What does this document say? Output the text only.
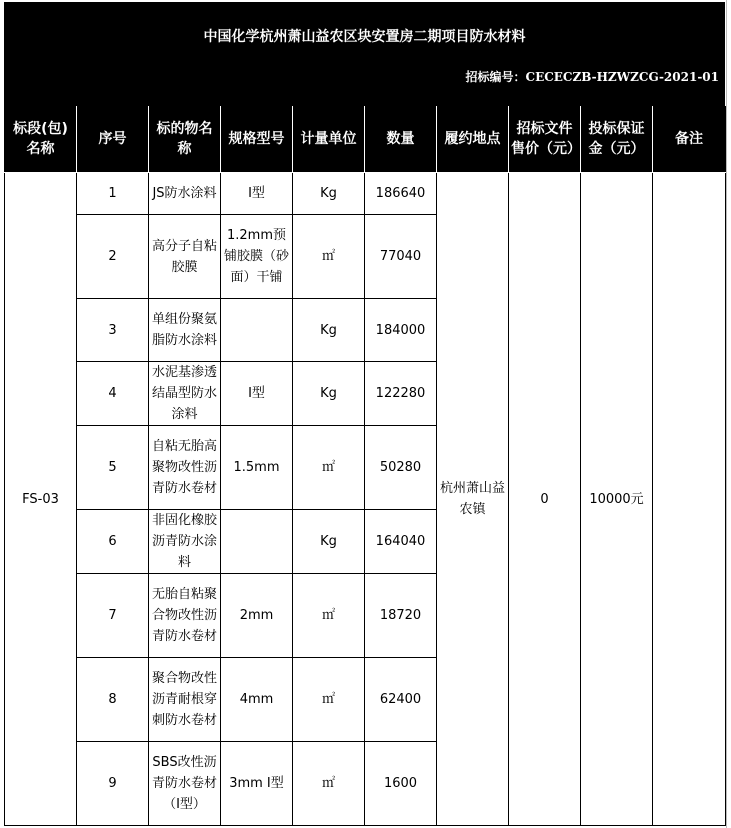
中国化学杭州萧山益农区块安置房二期项目防水材料
招标编号：CECECZB-HZWZCG-2021-01
标段(包)名称	序号	标的物名称	规格型号	计量单位	数量	履约地点	招标文件售价（元）	投标保证金（元）	备注
FS-03	1	JS防水涂料	I型	Kg	186640	杭州萧山益农镇	0	10000元	
	2	高分子自粘胶膜	1.2mm预铺胶膜（砂面）干铺	㎡	77040				
	3	单组份聚氨脂防水涂料		Kg	184000				
	4	水泥基渗透结晶型防水涂料	I型	Kg	122280				
	5	自粘无胎高聚物改性沥青防水卷材	1.5mm	㎡	50280				
	6	非固化橡胶沥青防水涂料		Kg	164040				
	7	无胎自粘聚合物改性沥青防水卷材	2mm	㎡	18720				
	8	聚合物改性沥青耐根穿刺防水卷材	4mm	㎡	62400				
	9	SBS改性沥青防水卷材（I型）	3mm I型	㎡	1600				
